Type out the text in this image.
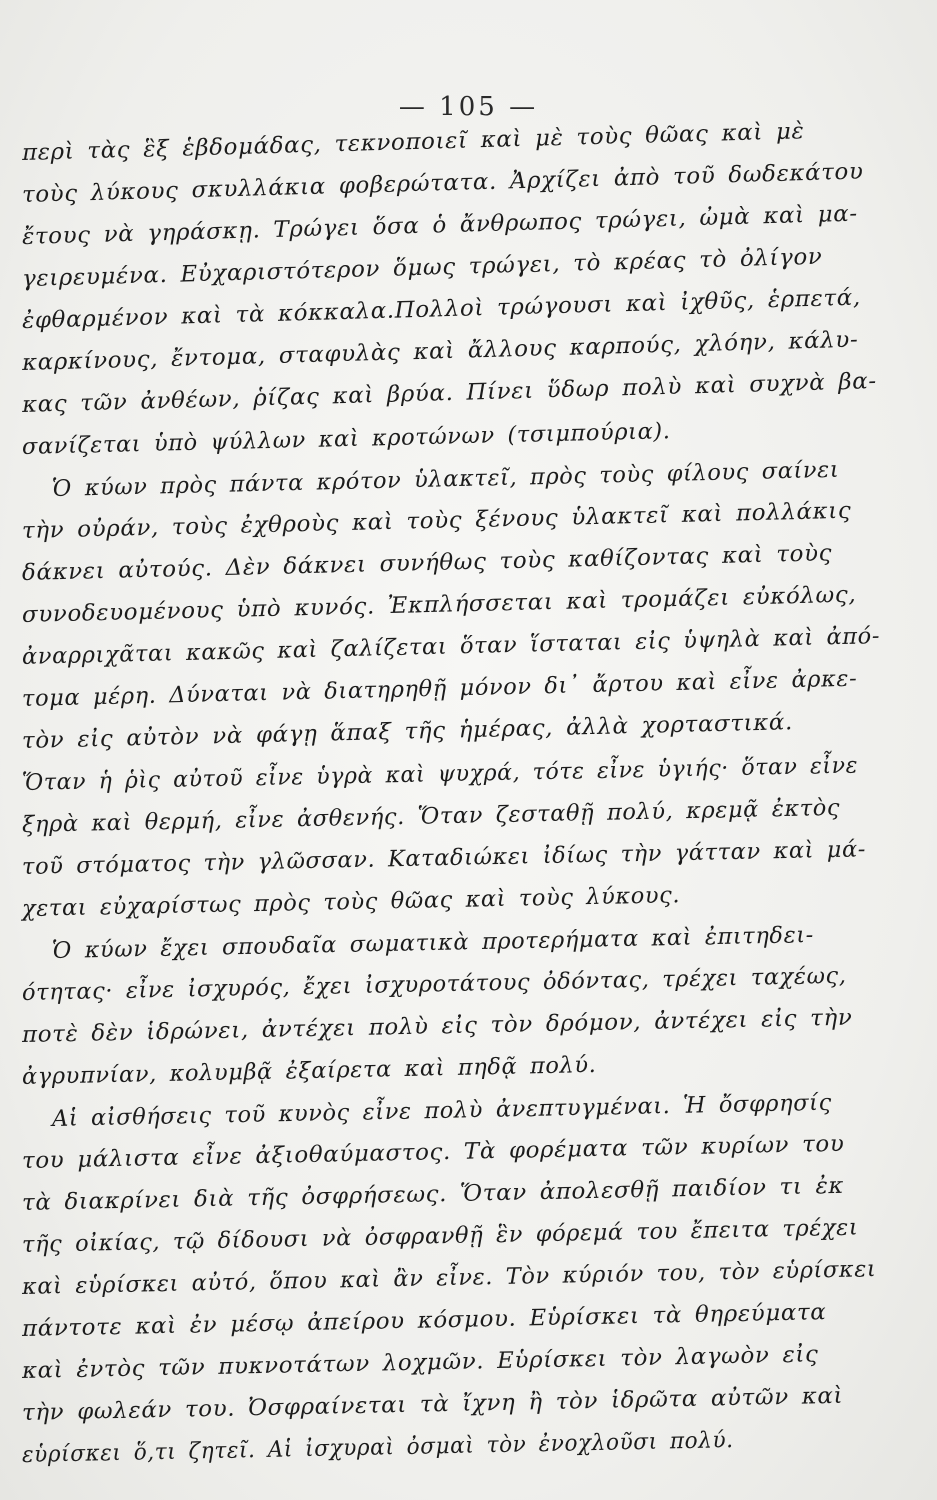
— 105 —
περὶ τὰς ἓξ ἑβδομάδας, τεκνοποιεῖ καὶ μὲ τοὺς θῶας καὶ μὲ
τοὺς λύκους σκυλλάκια φοβερώτατα. Ἀρχίζει ἀπὸ τοῦ δωδεκάτου
ἔτους νὰ γηράσκῃ. Τρώγει ὅσα ὁ ἄνθρωπος τρώγει, ὠμὰ καὶ μα-
γειρευμένα. Εὐχαριστότερον ὅμως τρώγει, τὸ κρέας τὸ ὀλίγον
ἐφθαρμένον καὶ τὰ κόκκαλα.Πολλοὶ τρώγουσι καὶ ἰχθῦς, ἑρπετά,
καρκίνους, ἔντομα, σταφυλὰς καὶ ἄλλους καρπούς, χλόην, κάλυ-
κας τῶν ἀνθέων, ῥίζας καὶ βρύα. Πίνει ὕδωρ πολὺ καὶ συχνὰ βα-
σανίζεται ὑπὸ ψύλλων καὶ κροτώνων (τσιμπούρια).
Ὁ κύων πρὸς πάντα κρότον ὑλακτεῖ, πρὸς τοὺς φίλους σαίνει
τὴν οὐράν, τοὺς ἐχθροὺς καὶ τοὺς ξένους ὑλακτεῖ καὶ πολλάκις
δάκνει αὐτούς. Δὲν δάκνει συνήθως τοὺς καθίζοντας καὶ τοὺς
συνοδευομένους ὑπὸ κυνός. Ἐκπλήσσεται καὶ τρομάζει εὐκόλως,
ἀναρριχᾶται κακῶς καὶ ζαλίζεται ὅταν ἵσταται εἰς ὑψηλὰ καὶ ἀπό-
τομα μέρη. Δύναται νὰ διατηρηθῇ μόνον δι᾽ ἄρτου καὶ εἶνε ἀρκε-
τὸν εἰς αὐτὸν νὰ φάγῃ ἅπαξ τῆς ἡμέρας, ἀλλὰ χορταστικά.
Ὅταν ἡ ῥὶς αὐτοῦ εἶνε ὑγρὰ καὶ ψυχρά, τότε εἶνε ὑγιής· ὅταν εἶνε
ξηρὰ καὶ θερμή, εἶνε ἀσθενής. Ὅταν ζεσταθῇ πολύ, κρεμᾷ ἐκτὸς
τοῦ στόματος τὴν γλῶσσαν. Καταδιώκει ἰδίως τὴν γάτταν καὶ μά-
χεται εὐχαρίστως πρὸς τοὺς θῶας καὶ τοὺς λύκους.
Ὁ κύων ἔχει σπουδαῖα σωματικὰ προτερήματα καὶ ἐπιτηδει-
ότητας· εἶνε ἰσχυρός, ἔχει ἰσχυροτάτους ὀδόντας, τρέχει ταχέως,
ποτὲ δὲν ἱδρώνει, ἀντέχει πολὺ εἰς τὸν δρόμον, ἀντέχει εἰς τὴν
ἀγρυπνίαν, κολυμβᾷ ἐξαίρετα καὶ πηδᾷ πολύ.
Αἱ αἰσθήσεις τοῦ κυνὸς εἶνε πολὺ ἀνεπτυγμέναι. Ἡ ὄσφρησίς
του μάλιστα εἶνε ἀξιοθαύμαστος. Τὰ φορέματα τῶν κυρίων του
τὰ διακρίνει διὰ τῆς ὀσφρήσεως. Ὅταν ἀπολεσθῇ παιδίον τι ἐκ
τῆς οἰκίας, τῷ δίδουσι νὰ ὀσφρανθῇ ἓν φόρεμά του ἔπειτα τρέχει
καὶ εὑρίσκει αὐτό, ὅπου καὶ ἂν εἶνε. Τὸν κύριόν του, τὸν εὑρίσκει
πάντοτε καὶ ἐν μέσῳ ἀπείρου κόσμου. Εὑρίσκει τὰ θηρεύματα
καὶ ἐντὸς τῶν πυκνοτάτων λοχμῶν. Εὑρίσκει τὸν λαγωὸν εἰς
τὴν φωλεάν του. Ὀσφραίνεται τὰ ἴχνη ἢ τὸν ἱδρῶτα αὐτῶν καὶ
εὑρίσκει ὅ,τι ζητεῖ. Αἱ ἰσχυραὶ ὀσμαὶ τὸν ἐνοχλοῦσι πολύ.
